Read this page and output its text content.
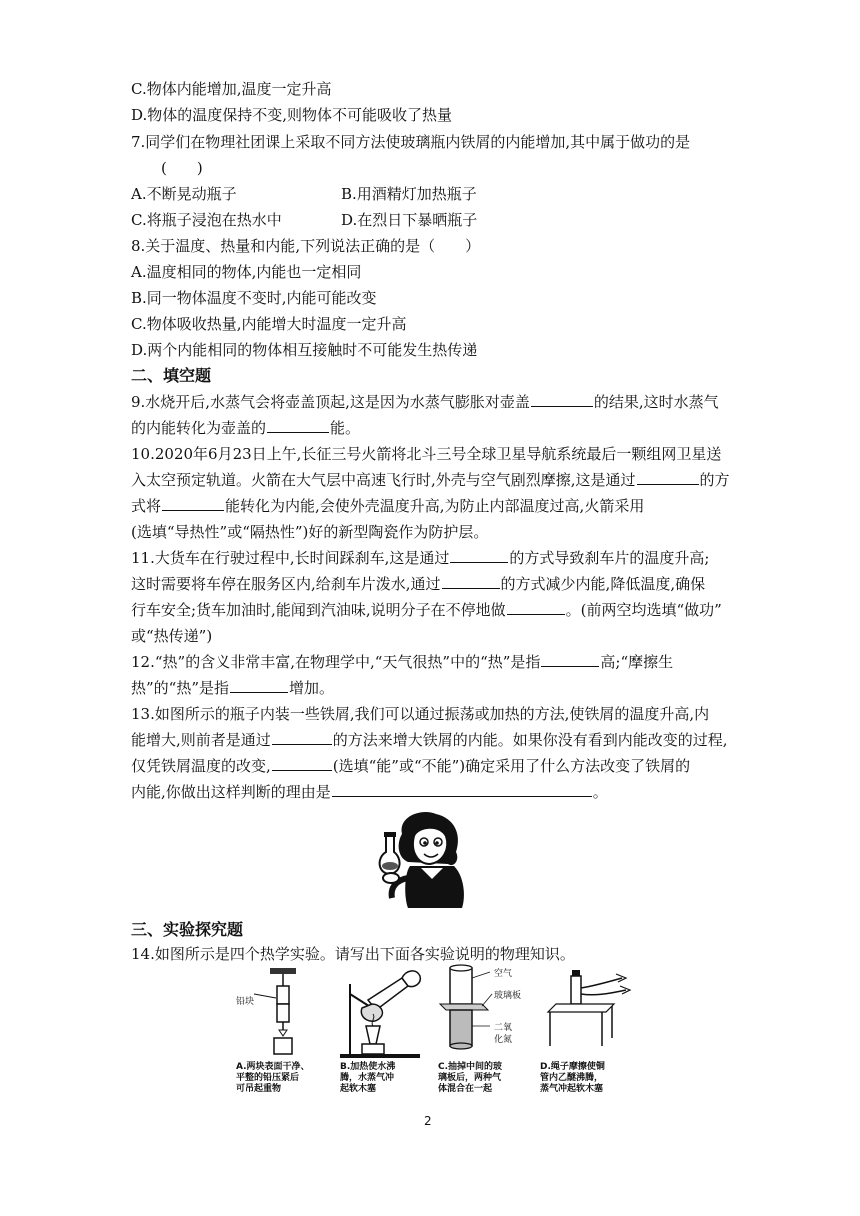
C.物体内能增加,温度一定升高
D.物体的温度保持不变,则物体不可能吸收了热量
7.同学们在物理社团课上采取不同方法使玻璃瓶内铁屑的内能增加,其中属于做功的是
(　　)
A.不断晃动瓶子	B.用酒精灯加热瓶子
C.将瓶子浸泡在热水中	D.在烈日下暴晒瓶子
8.关于温度、热量和内能,下列说法正确的是（　　）
A.温度相同的物体,内能也一定相同
B.同一物体温度不变时,内能可能改变
C.物体吸收热量,内能增大时温度一定升高
D.两个内能相同的物体相互接触时不可能发生热传递
二、填空题
9.水烧开后,水蒸气会将壶盖顶起,这是因为水蒸气膨胀对壶盖	的结果,这时水蒸气
的内能转化为壶盖的	能。
10.2020年6月23日上午,长征三号火箭将北斗三号全球卫星导航系统最后一颗组网卫星送
入太空预定轨道。火箭在大气层中高速飞行时,外壳与空气剧烈摩擦,这是通过	的方
式将	能转化为内能,会使外壳温度升高,为防止内部温度过高,火箭采用
(选填“导热性”或“隔热性”)好的新型陶瓷作为防护层。
11.大货车在行驶过程中,长时间踩刹车,这是通过	的方式导致刹车片的温度升高;
这时需要将车停在服务区内,给刹车片泼水,通过	的方式减少内能,降低温度,确保
行车安全;货车加油时,能闻到汽油味,说明分子在不停地做	。(前两空均选填“做功”
或“热传递”)
12.“热”的含义非常丰富,在物理学中,“天气很热”中的“热”是指	高;“摩擦生
热”的“热”是指	增加。
13.如图所示的瓶子内装一些铁屑,我们可以通过振荡或加热的方法,使铁屑的温度升高,内
能增大,则前者是通过	的方法来增大铁屑的内能。如果你没有看到内能改变的过程,
仅凭铁屑温度的改变,	(选填“能”或“不能”)确定采用了什么方法改变了铁屑的
内能,你做出这样判断的理由是	。
三、实验探究题
14.如图所示是四个热学实验。请写出下面各实验说明的物理知识。
铅块
空气
玻璃板
二氧
化氮
A.两块表面干净、
平整的铅压紧后
可吊起重物
B.加热使水沸
腾，水蒸气冲
起软木塞
C.抽掉中间的玻
璃板后，两种气
体混合在一起
D.绳子摩擦使铜
管内乙醚沸腾，
蒸气冲起软木塞
2
